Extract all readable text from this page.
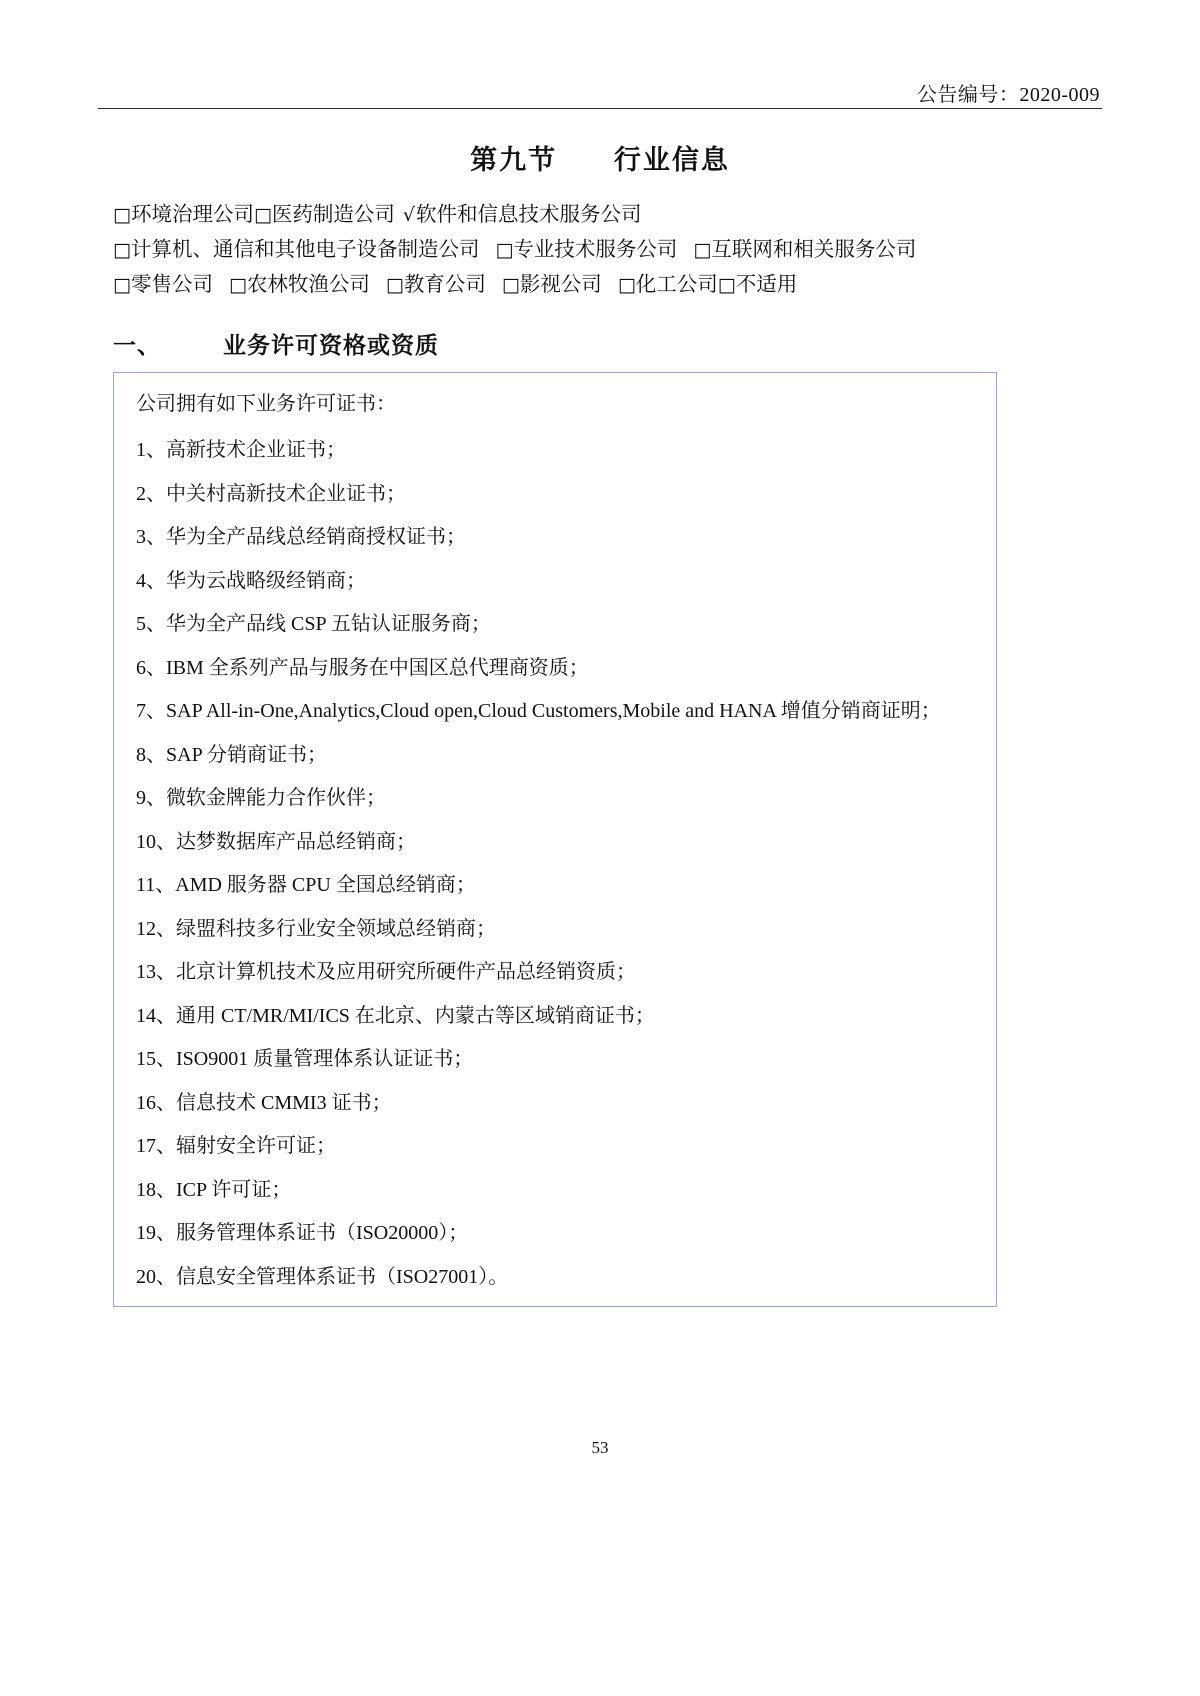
公告编号：2020-009
第九节 行业信息
□环境治理公司□医药制造公司 √软件和信息技术服务公司
□计算机、通信和其他电子设备制造公司 □专业技术服务公司 □互联网和相关服务公司
□零售公司 □农林牧渔公司 □教育公司 □影视公司 □化工公司□不适用
一、	业务许可资格或资质
公司拥有如下业务许可证书：
1、高新技术企业证书；
2、中关村高新技术企业证书；
3、华为全产品线总经销商授权证书；
4、华为云战略级经销商；
5、华为全产品线 CSP 五钻认证服务商；
6、IBM 全系列产品与服务在中国区总代理商资质；
7、SAP All-in-One,Analytics,Cloud open,Cloud Customers,Mobile and HANA 增值分销商证明；
8、SAP 分销商证书；
9、微软金牌能力合作伙伴；
10、达梦数据库产品总经销商；
11、AMD 服务器 CPU 全国总经销商；
12、绿盟科技多行业安全领域总经销商；
13、北京计算机技术及应用研究所硬件产品总经销资质；
14、通用 CT/MR/MI/ICS 在北京、内蒙古等区域销商证书；
15、ISO9001 质量管理体系认证证书；
16、信息技术 CMMI3 证书；
17、辐射安全许可证；
18、ICP 许可证；
19、服务管理体系证书（ISO20000）；
20、信息安全管理体系证书（ISO27001）。
53
